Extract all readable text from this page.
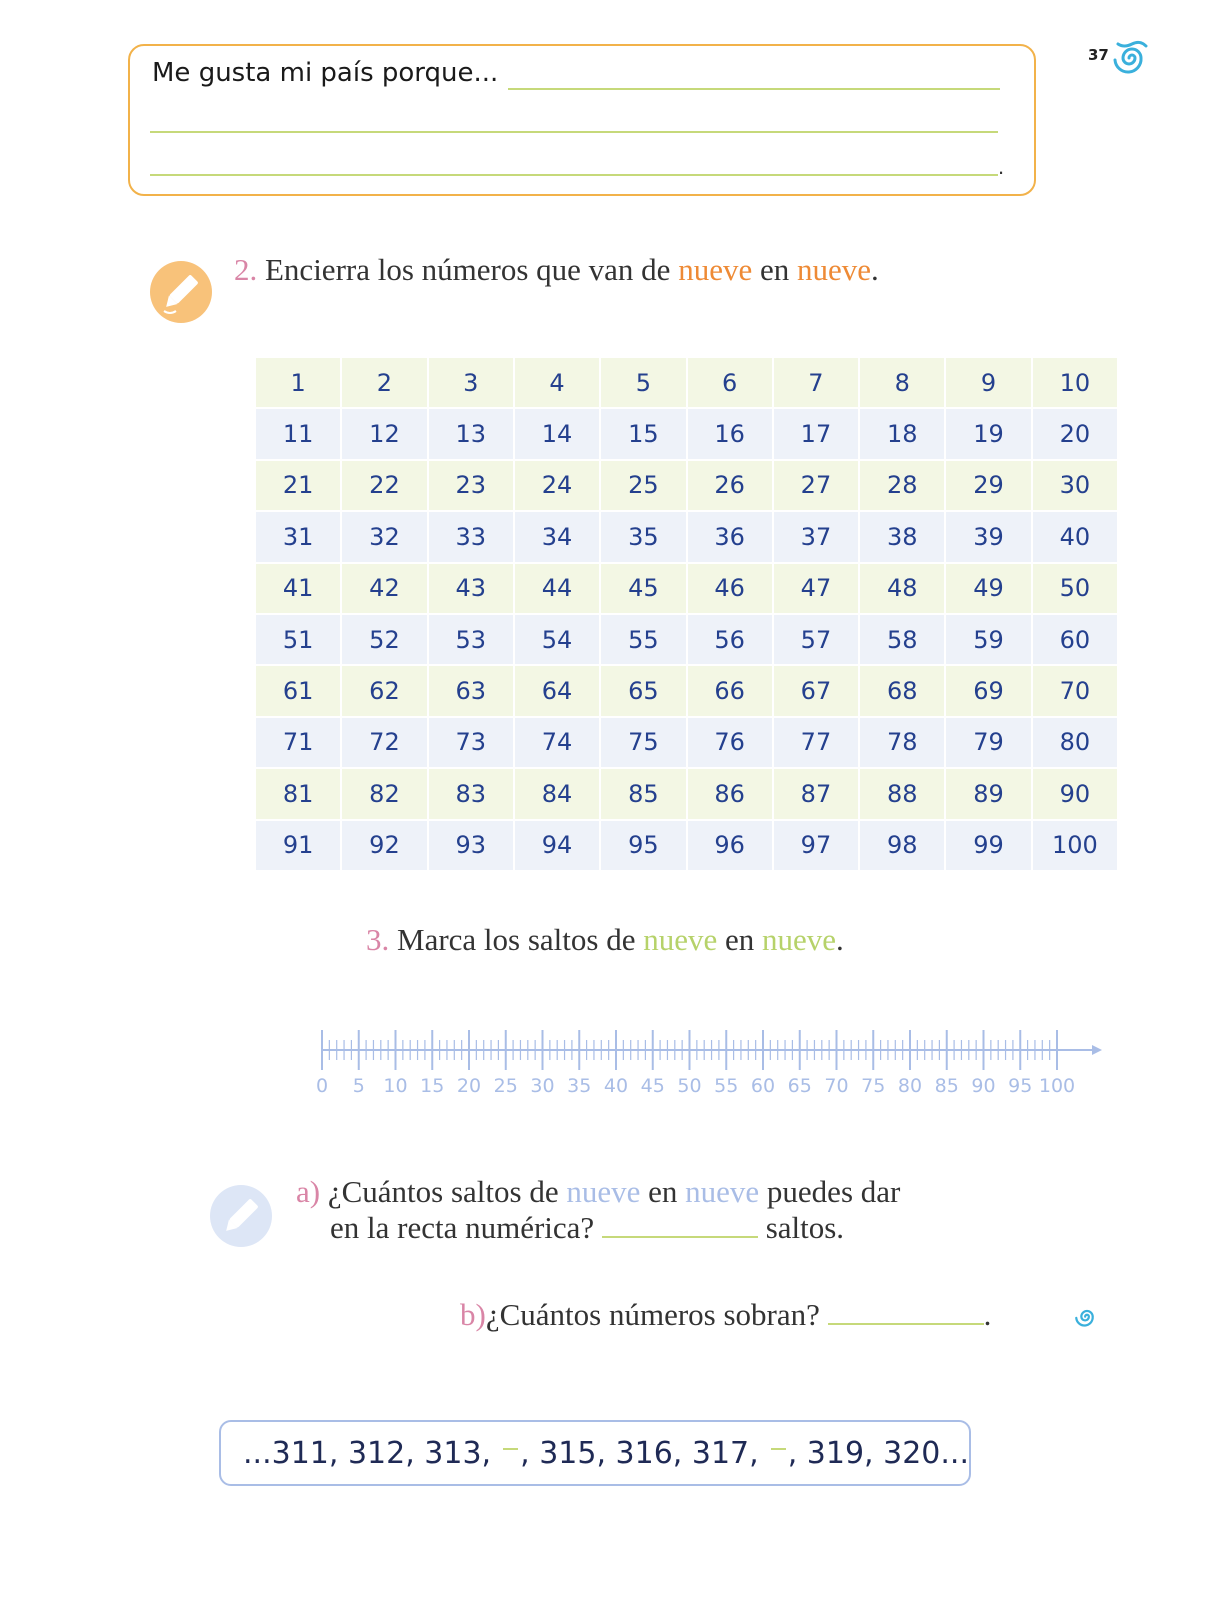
37
Me gusta mi país porque...
.
2. Encierra los números que van de nueve en nueve.
1	2	3	4	5	6	7	8	9	10
11	12	13	14	15	16	17	18	19	20
21	22	23	24	25	26	27	28	29	30
31	32	33	34	35	36	37	38	39	40
41	42	43	44	45	46	47	48	49	50
51	52	53	54	55	56	57	58	59	60
61	62	63	64	65	66	67	68	69	70
71	72	73	74	75	76	77	78	79	80
81	82	83	84	85	86	87	88	89	90
91	92	93	94	95	96	97	98	99	100
3. Marca los saltos de nueve en nueve.
0 5 10 15 20 25 30 35 40 45 50 55 60 65 70 75 80 85 90 95 100
a) ¿Cuántos saltos de nueve en nueve puedes dar
en la recta numérica?	saltos.
b)¿Cuántos números sobran?	.
...311, 312, 313, ,
315, 316, 317, ,
319, 320...
